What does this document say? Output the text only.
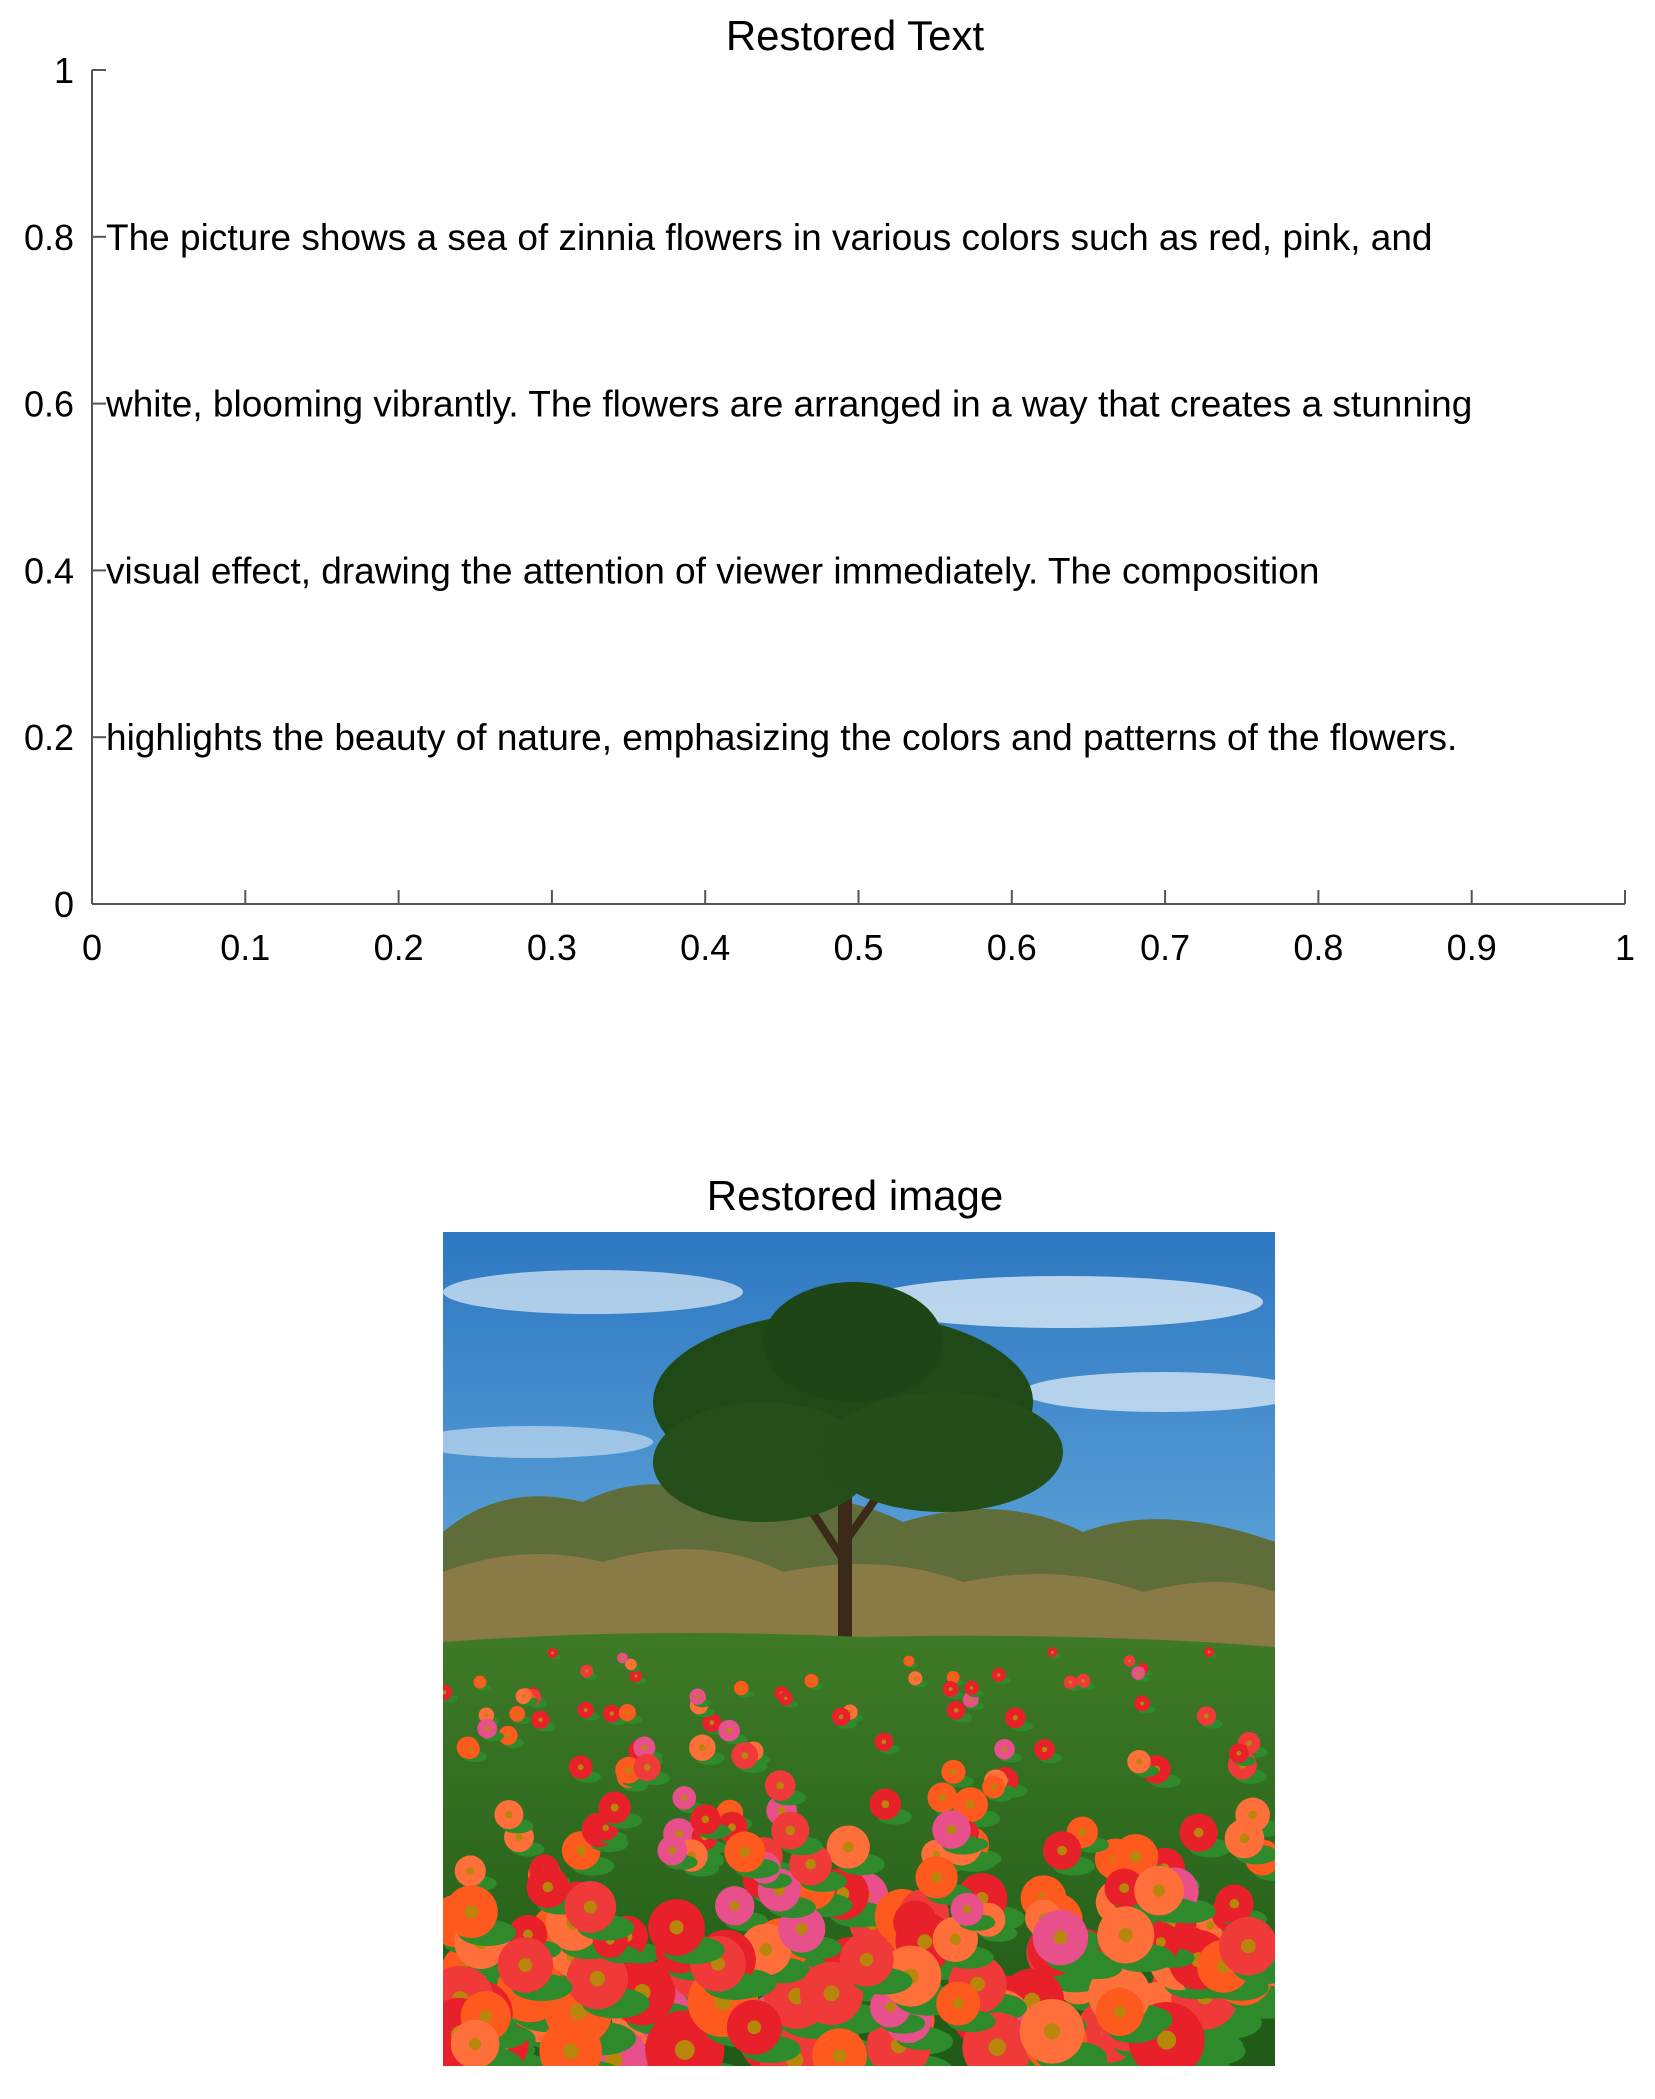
Restored Text
0	0.1	0.2	0.3	0.4	0.5	0.6	0.7	0.8	0.9	1
0
0.2
0.4
0.6
0.8
1
The picture shows a sea of zinnia flowers in various colors such as red, pink, and
white, blooming vibrantly. The flowers are arranged in a way that creates a stunning
visual effect, drawing the attention of viewer immediately. The composition
highlights the beauty of nature, emphasizing the colors and patterns of the flowers.
Restored image
